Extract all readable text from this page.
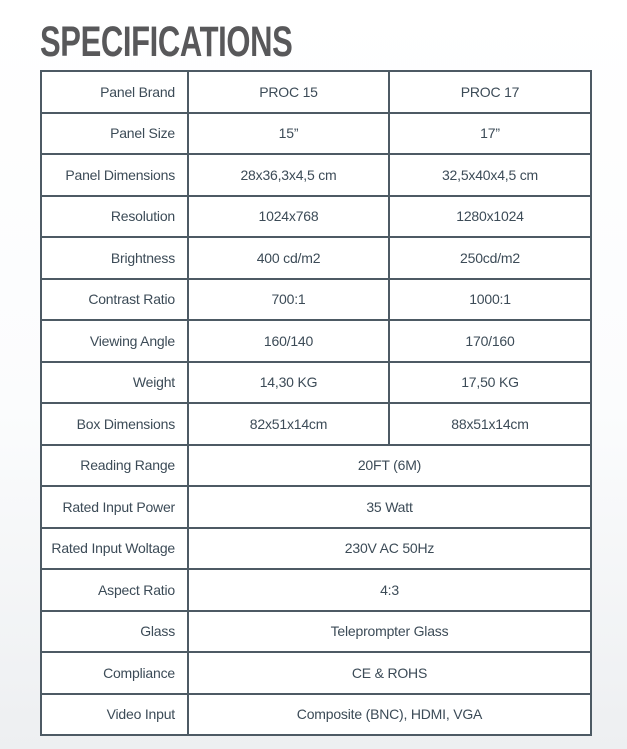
SPECIFICATIONS
Panel Brand	PROC 15	PROC 17
Panel Size	15”	17”
Panel Dimensions	28x36,3x4,5 cm	32,5x40x4,5 cm
Resolution	1024x768	1280x1024
Brightness	400 cd/m2	250cd/m2
Contrast Ratio	700:1	1000:1
Viewing Angle	160/140	170/160
Weight	14,30 KG	17,50 KG
Box Dimensions	82x51x14cm	88x51x14cm
Reading Range	20FT (6M)	
Rated Input Power	35 Watt	
Rated Input Woltage	230V AC 50Hz	
Aspect Ratio	4:3	
Glass	Teleprompter Glass	
Compliance	CE & ROHS	
Video Input	Composite (BNC), HDMI, VGA	
